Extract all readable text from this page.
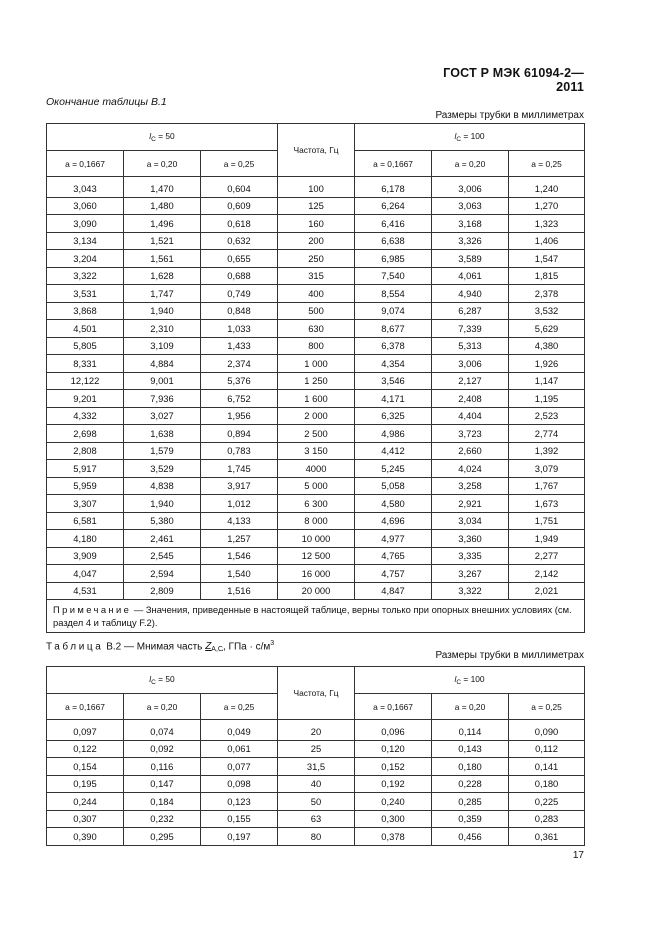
ГОСТ Р МЭК 61094-2—2011
Окончание таблицы В.1
Размеры трубки в миллиметрах
$l_C = 50$			Частота, Гц	$l_C = 100$		
a = 0,1667	a = 0,20	a = 0,25		a = 0,1667	a = 0,20	a = 0,25
3,043	1,470	0,604	100	6,178	3,006	1,240
3,060	1,480	0,609	125	6,264	3,063	1,270
3,090	1,496	0,618	160	6,416	3,168	1,323
3,134	1,521	0,632	200	6,638	3,326	1,406
3,204	1,561	0,655	250	6,985	3,589	1,547
3,322	1,628	0,688	315	7,540	4,061	1,815
3,531	1,747	0,749	400	8,554	4,940	2,378
3,868	1,940	0,848	500	9,074	6,287	3,532
4,501	2,310	1,033	630	8,677	7,339	5,629
5,805	3,109	1,433	800	6,378	5,313	4,380
8,331	4,884	2,374	1 000	4,354	3,006	1,926
12,122	9,001	5,376	1 250	3,546	2,127	1,147
9,201	7,936	6,752	1 600	4,171	2,408	1,195
4,332	3,027	1,956	2 000	6,325	4,404	2,523
2,698	1,638	0,894	2 500	4,986	3,723	2,774
2,808	1,579	0,783	3 150	4,412	2,660	1,392
5,917	3,529	1,745	4000	5,245	4,024	3,079
5,959	4,838	3,917	5 000	5,058	3,258	1,767
3,307	1,940	1,012	6 300	4,580	2,921	1,673
6,581	5,380	4,133	8 000	4,696	3,034	1,751
4,180	2,461	1,257	10 000	4,977	3,360	1,949
3,909	2,545	1,546	12 500	4,765	3,335	2,277
4,047	2,594	1,540	16 000	4,757	3,267	2,142
4,531	2,809	1,516	20 000	4,847	3,322	2,021
Примечание — Значения, приведенные в настоящей таблице, верны только при опорных внешних условиях (см. раздел 4 и таблицу F.2).						
Таблица В.2 — Мнимая часть $Z_{A,C}$, ГПа · $с/м^3$
Размеры трубки в миллиметрах
$l_C = 50$			Частота, Гц	$l_C = 100$		
a = 0,1667	a = 0,20	a = 0,25		a = 0,1667	a = 0,20	a = 0,25
0,097	0,074	0,049	20	0,096	0,114	0,090
0,122	0,092	0,061	25	0,120	0,143	0,112
0,154	0,116	0,077	31,5	0,152	0,180	0,141
0,195	0,147	0,098	40	0,192	0,228	0,180
0,244	0,184	0,123	50	0,240	0,285	0,225
0,307	0,232	0,155	63	0,300	0,359	0,283
0,390	0,295	0,197	80	0,378	0,456	0,361
17
